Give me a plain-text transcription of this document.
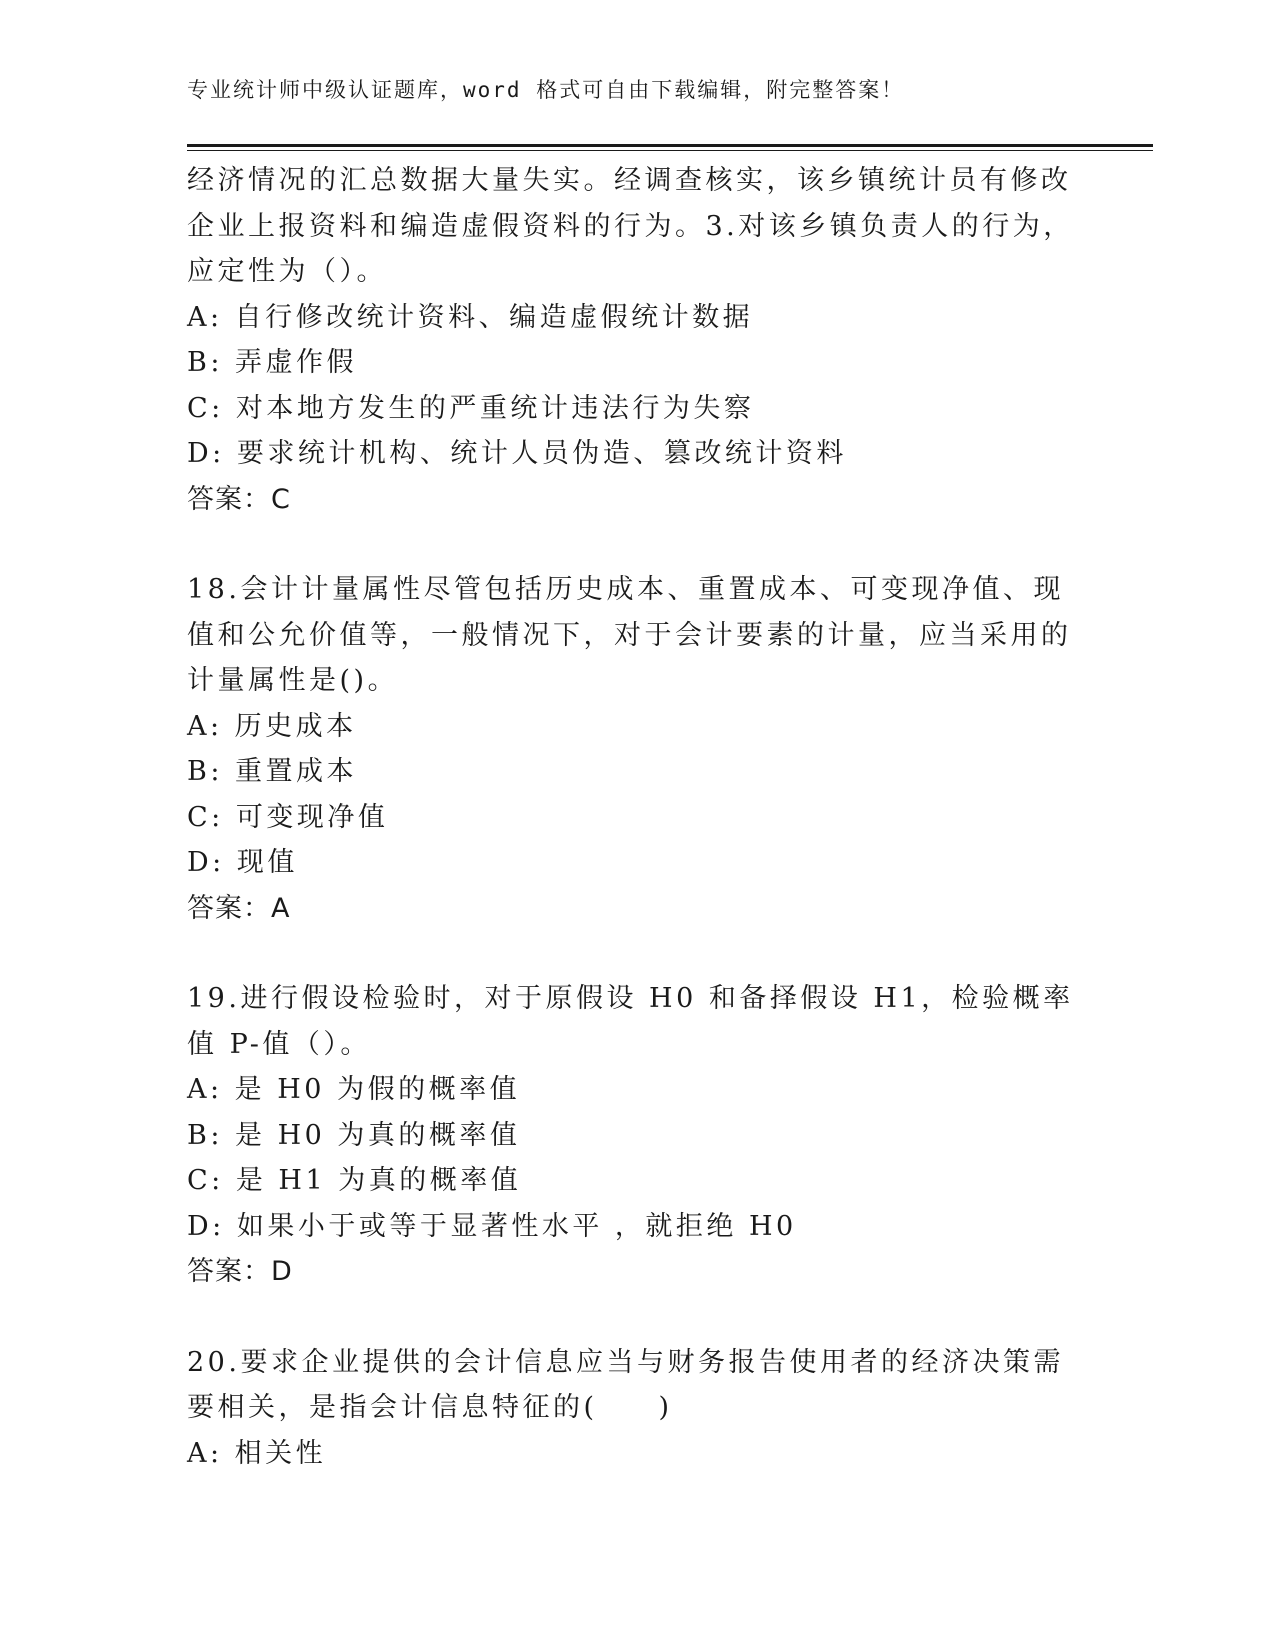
专业统计师中级认证题库，word 格式可自由下载编辑，附完整答案！

经济情况的汇总数据大量失实。经调查核实，该乡镇统计员有修改企业上报资料和编造虚假资料的行为。3.对该乡镇负责人的行为，应定性为（）。

A: 自行修改统计资料、编造虚假统计数据

B: 弄虚作假

C: 对本地方发生的严重统计违法行为失察

D: 要求统计机构、统计人员伪造、篡改统计资料

答案：C

18.会计计量属性尽管包括历史成本、重置成本、可变现净值、现值和公允价值等，一般情况下，对于会计要素的计量，应当采用的计量属性是()。

A: 历史成本

B: 重置成本

C: 可变现净值

D: 现值

答案：A

19.进行假设检验时，对于原假设 H0 和备择假设 H1，检验概率值 P-值（）。

A: 是 H0 为假的概率值

B: 是 H0 为真的概率值

C: 是 H1 为真的概率值

D: 如果小于或等于显著性水平 ，就拒绝 H0

答案：D

20.要求企业提供的会计信息应当与财务报告使用者的经济决策需要相关，是指会计信息特征的(　　)

A: 相关性
